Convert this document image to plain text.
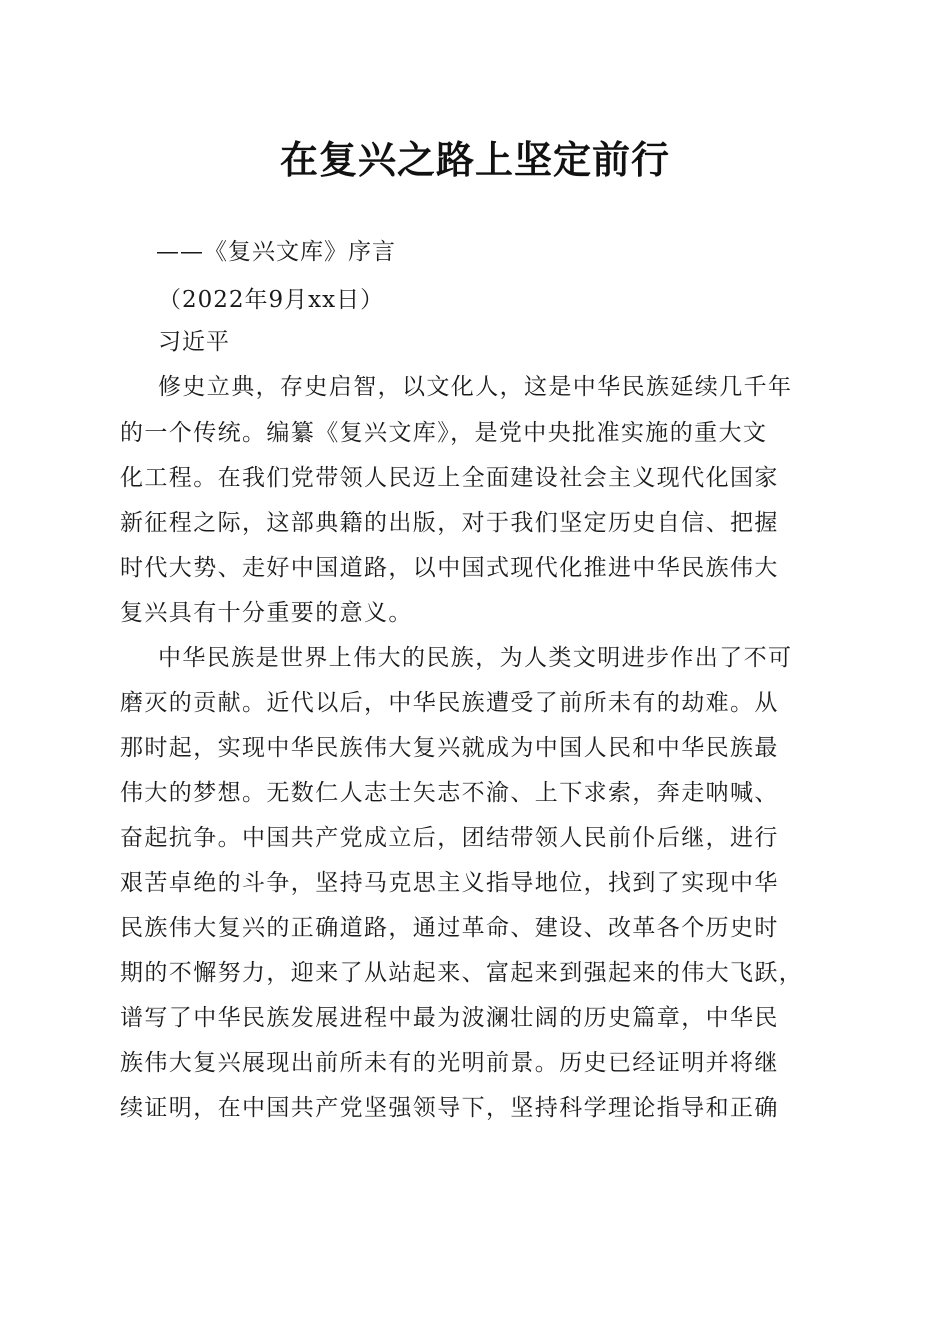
在复兴之路上坚定前行
——《复兴文库》序言
（2022年9月xx日）
习近平
修史立典，存史启智，以文化人，这是中华民族延续几千年
的一个传统。编纂《复兴文库》，是党中央批准实施的重大文
化工程。在我们党带领人民迈上全面建设社会主义现代化国家
新征程之际，这部典籍的出版，对于我们坚定历史自信、把握
时代大势、走好中国道路，以中国式现代化推进中华民族伟大
复兴具有十分重要的意义。
中华民族是世界上伟大的民族，为人类文明进步作出了不可
磨灭的贡献。近代以后，中华民族遭受了前所未有的劫难。从
那时起，实现中华民族伟大复兴就成为中国人民和中华民族最
伟大的梦想。无数仁人志士矢志不渝、上下求索，奔走呐喊、
奋起抗争。中国共产党成立后，团结带领人民前仆后继，进行
艰苦卓绝的斗争，坚持马克思主义指导地位，找到了实现中华
民族伟大复兴的正确道路，通过革命、建设、改革各个历史时
期的不懈努力，迎来了从站起来、富起来到强起来的伟大飞跃，
谱写了中华民族发展进程中最为波澜壮阔的历史篇章，中华民
族伟大复兴展现出前所未有的光明前景。历史已经证明并将继
续证明，在中国共产党坚强领导下，坚持科学理论指导和正确
